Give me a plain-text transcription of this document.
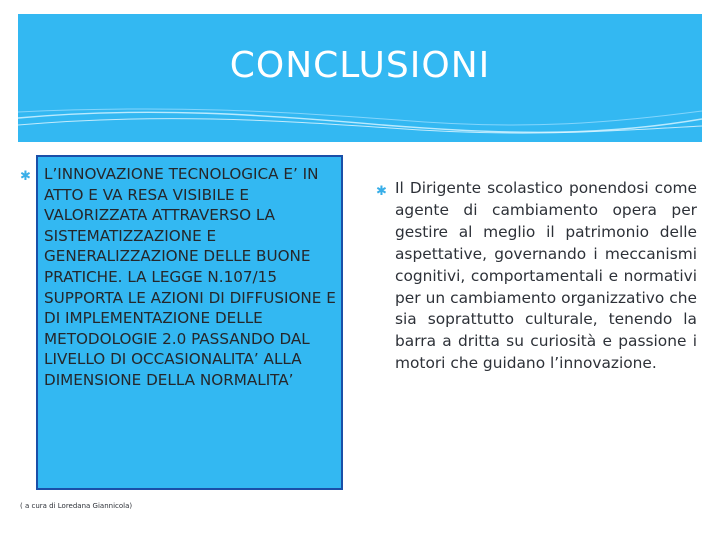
CONCLUSIONI
✱ L’INNOVAZIONE TECNOLOGICA E’ IN ATTO E VA RESA VISIBILE E VALORIZZATA ATTRAVERSO LA SISTEMATIZZAZIONE E GENERALIZZAZIONE DELLE BUONE PRATICHE. LA LEGGE N.107/15 SUPPORTA LE AZIONI DI DIFFUSIONE E DI IMPLEMENTAZIONE DELLE METODOLOGIE 2.0 PASSANDO DAL LIVELLO DI OCCASIONALITA’ ALLA DIMENSIONE DELLA NORMALITA’

✱ Il Dirigente scolastico ponendosi come agente di cambiamento opera per gestire al meglio il patrimonio delle aspettative, governando i meccanismi cognitivi, comportamentali e normativi per un cambiamento organizzativo che sia soprattutto culturale, tenendo la barra a dritta su curiosità e passione i motori che guidano l’innovazione.

( a cura di Loredana Giannicola)
